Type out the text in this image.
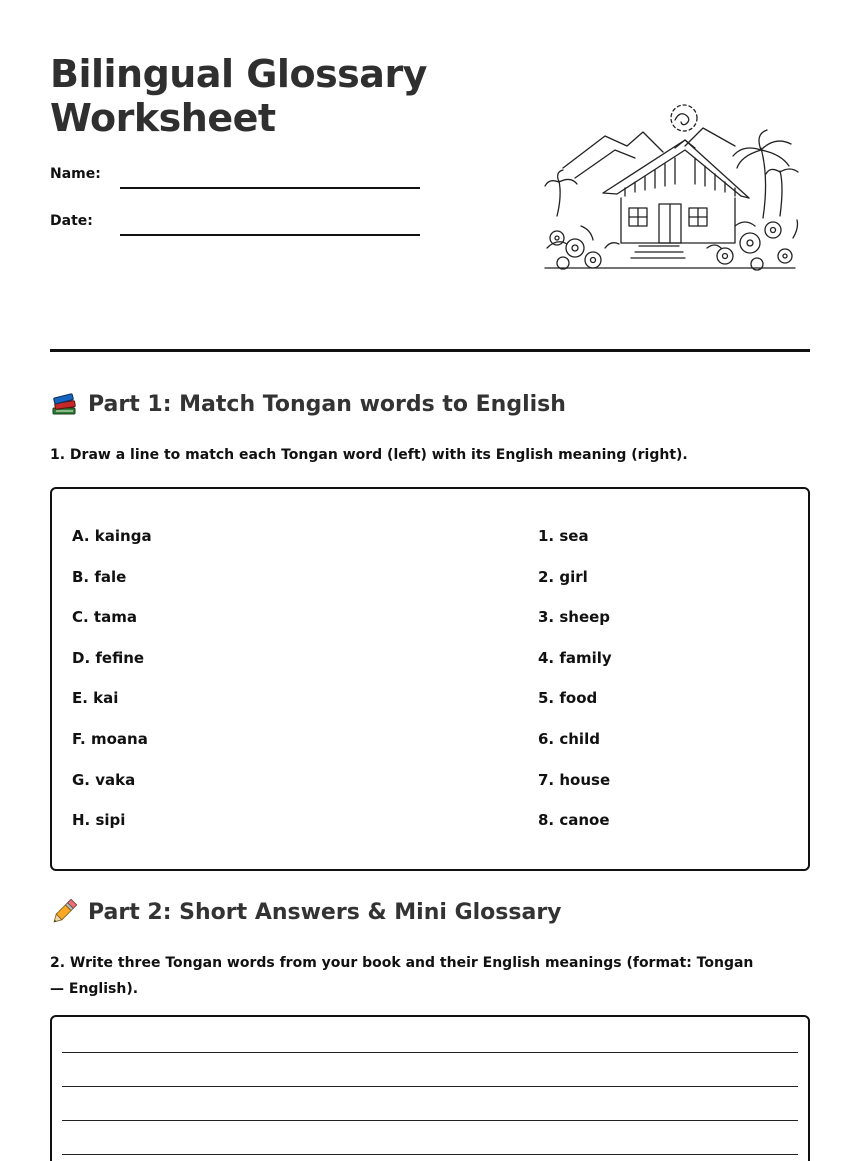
Bilingual Glossary
Worksheet
Name:
Date:
Part 1: Match Tongan words to English
1. Draw a line to match each Tongan word (left) with its English meaning (right).
A. kainga
B. fale
C. tama
D. fefine
E. kai
F. moana
G. vaka
H. sipi
1. sea
2. girl
3. sheep
4. family
5. food
6. child
7. house
8. canoe
Part 2: Short Answers & Mini Glossary
2. Write three Tongan words from your book and their English meanings (format: Tongan — English).
